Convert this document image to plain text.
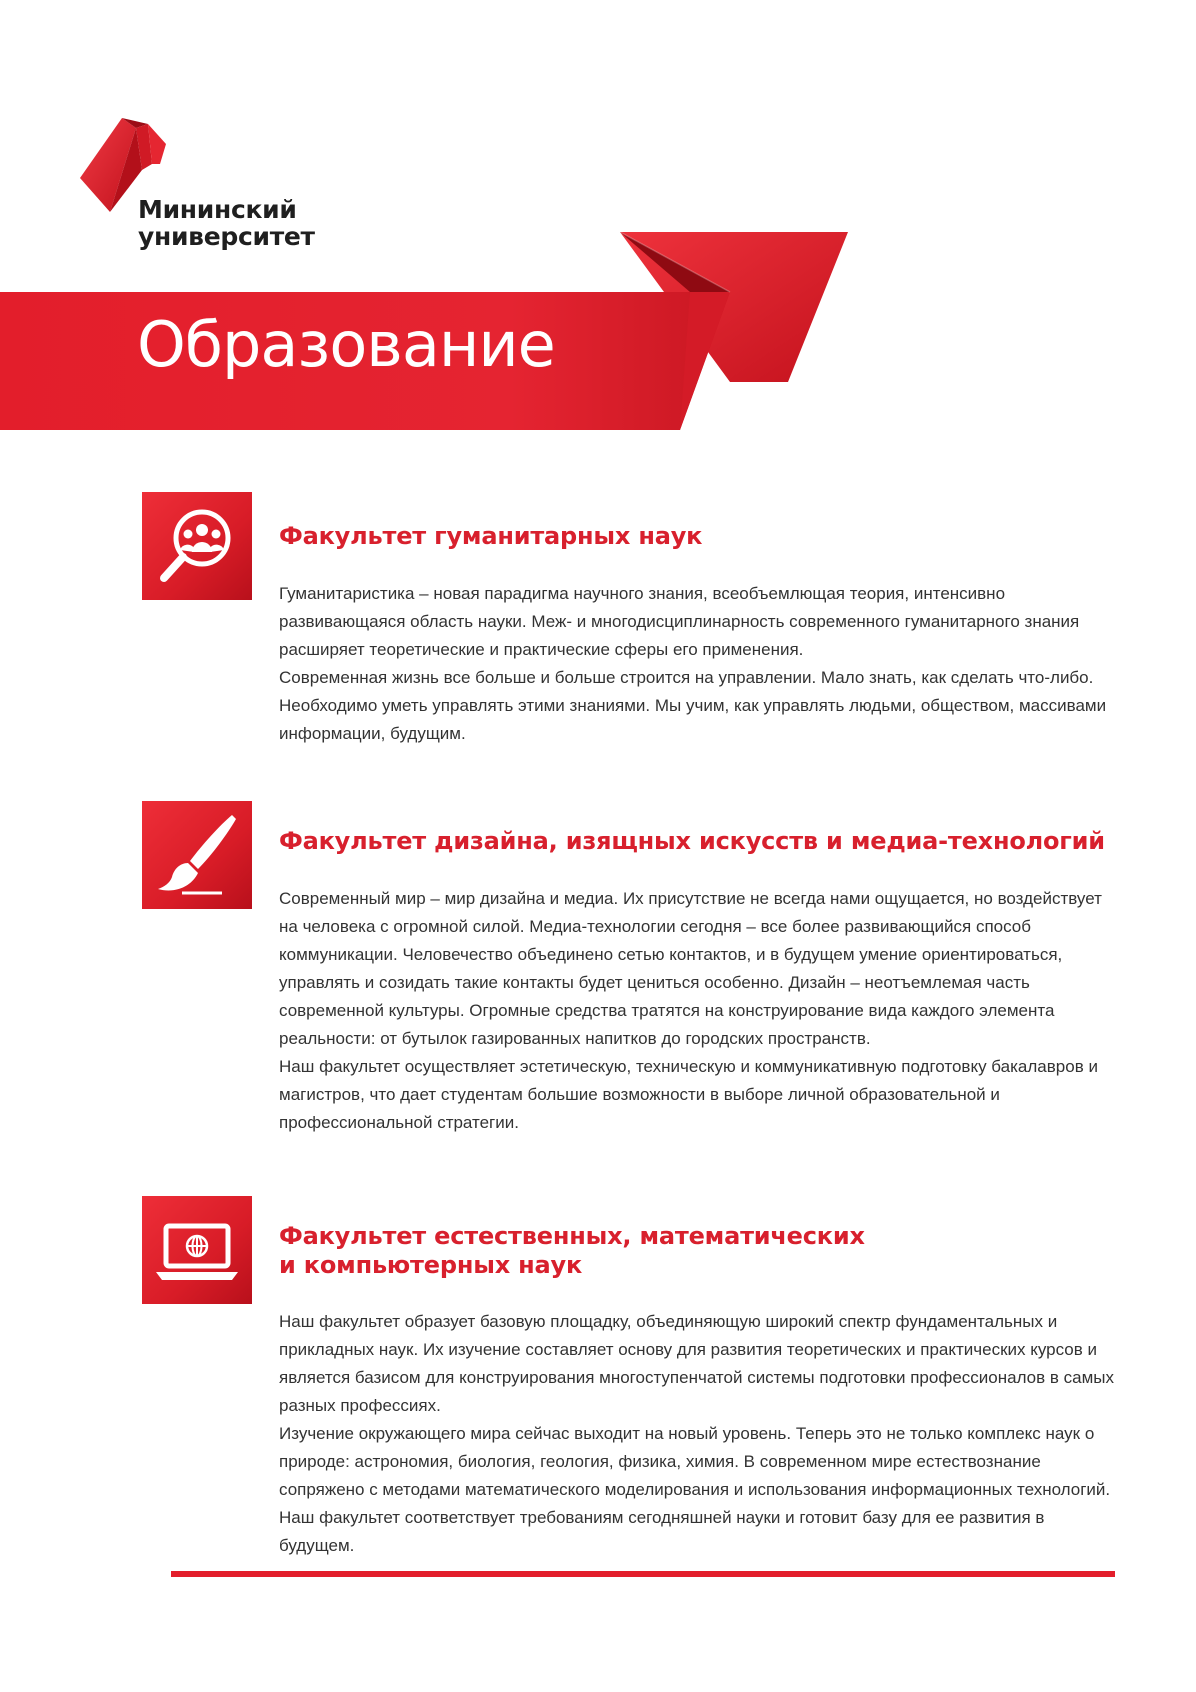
Мининский
университет
Образование
Факультет гуманитарных наук

Гуманитаристика – новая парадигма научного знания, всеобъемлющая теория, интенсивно развивающаяся область науки. Меж- и многодисциплинарность современного гуманитарного знания расширяет теоретические и практические сферы его применения.

Современная жизнь все больше и больше строится на управлении. Мало знать, как сделать что-либо. Необходимо уметь управлять этими знаниями. Мы учим, как управлять людьми, обществом, массивами информации, будущим.

Факультет дизайна, изящных искусств и медиа-технологий

Современный мир – мир дизайна и медиа. Их присутствие не всегда нами ощущается, но воздействует на человека с огромной силой. Медиа-технологии сегодня – все более развивающийся способ коммуникации. Человечество объединено сетью контактов, и в будущем умение ориентироваться, управлять и созидать такие контакты будет цениться особенно. Дизайн – неотъемлемая часть современной культуры. Огромные средства тратятся на конструирование вида каждого элемента реальности: от бутылок газированных напитков до городских пространств.

Наш факультет осуществляет эстетическую, техническую и коммуникативную подготовку бакалавров и магистров, что дает студентам большие возможности в выборе личной образовательной и профессиональной стратегии.

Факультет естественных, математических
и компьютерных наук

Наш факультет образует базовую площадку, объединяющую широкий спектр фундаментальных и прикладных наук. Их изучение составляет основу для развития теоретических и практических курсов и является базисом для конструирования многоступенчатой системы подготовки профессионалов в самых разных профессиях.

Изучение окружающего мира сейчас выходит на новый уровень. Теперь это не только комплекс наук о природе: астрономия, биология, геология, физика, химия. В современном мире естествознание сопряжено с методами математического моделирования и использования информационных технологий. Наш факультет соответствует требованиям сегодняшней науки и готовит базу для ее развития в будущем.
